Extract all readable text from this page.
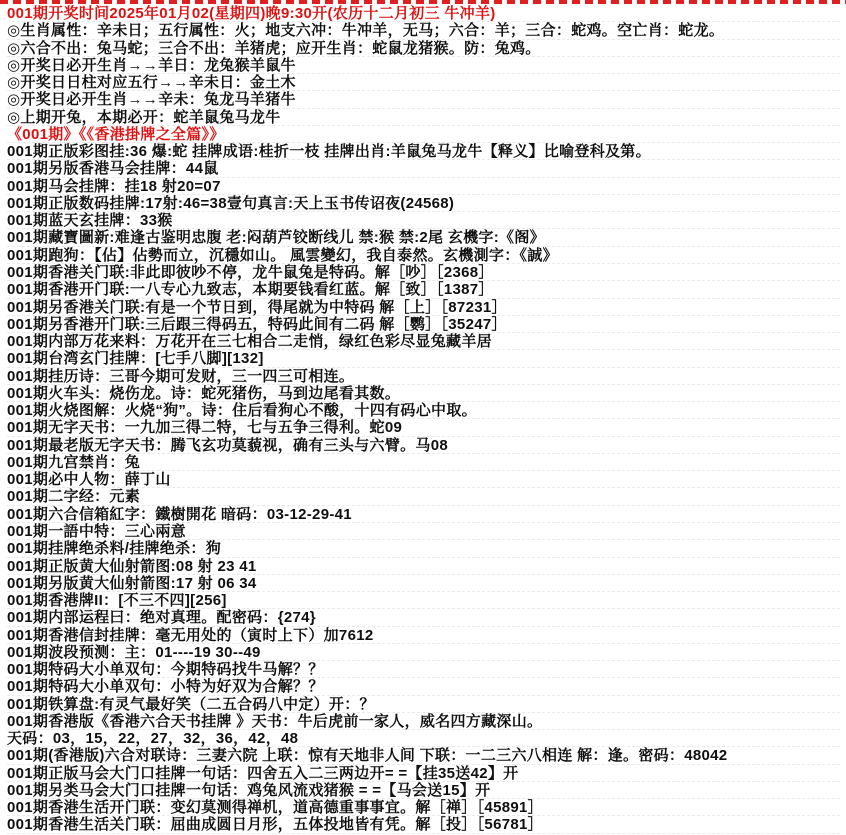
001期开奖时间2025年01月02(星期四)晚9:30开(农历十二月初三 牛冲羊)
◎生肖属性：辛未日；五行属性：火；地支六冲：牛冲羊，无马；六合：羊；三合：蛇鸡。空亡肖：蛇龙。
◎六合不出：兔马蛇；三合不出：羊猪虎；应开生肖：蛇鼠龙猪猴。防：兔鸡。
◎开奖日必开生肖→→羊日：龙兔猴羊鼠牛
◎开奖日日柱对应五行→→辛未日：金土木
◎开奖日必开生肖→→辛未：兔龙马羊猪牛
◎上期开兔，本期必开：蛇羊鼠兔马龙牛
《001期》《《香港掛牌之全篇》》
001期正版彩图挂:36 爆:蛇 挂牌成语:桂折一枝 挂牌出肖:羊鼠兔马龙牛【释义】比喻登科及第。
001期另版香港马会挂牌：44鼠
001期马会挂牌：挂18 射20=07
001期正版数码挂牌:17射:46=38壹句真言:天上玉书传诏夜(24568)
001期蓝天玄挂牌：33猴
001期藏寶圖新:难逢古鉴明忠腹 老:闷葫芦铰断线儿 禁:猴 禁:2尾 玄機字:《阁》
001期跑狗：【佔】佔勢而立，沉穩如山。 風雲變幻，我自泰然。玄機測字：《誠》
001期香港关门联:非此即彼吵不停，龙牛鼠兔是特码。解［吵］［2368］
001期香港开门联:一八专心九致志，本期要钱看红蓝。解［致］［1387］
001期另香港关门联:有是一个节日到，得尾就为中特码 解［上］［87231］
001期另香港开门联:三后跟三得码五，特码此间有二码 解［鹦］［35247］
001期内部万花来料：万花开在三七相合二走悄，绿红色彩尽显兔藏羊居
001期台湾玄门挂牌：[七手八脚][132]
001期挂历诗：三哥今期可发财，三一四三可相连。
001期火车头：烧伤龙。诗：蛇死猪伤，马到边尾看其数。
001期火烧图解：火烧“狗”。诗：住后看狗心不酸，十四有码心中取。
001期无字天书：一九加三得二特，七与五争三得利。蛇09
001期最老版无字天书：腾飞玄功莫藐视，确有三头与六臂。马08
001期九宫禁肖：兔
001期必中人物：薛丁山
001期二字经：元素
001期六合信箱紅字：鐵樹開花 暗码：03-12-29-41
001期一語中特：三心兩意
001期挂牌绝杀料/挂牌绝杀：狗
001期正版黄大仙射箭图:08 射 23 41
001期另版黄大仙射箭图:17 射 06 34
001期香港牌II：[不三不四][256]
001期内部运程曰：绝对真理。配密码：{274}
001期香港信封挂牌：毫无用处的（寅时上下）加7612
001期波段预测：主：01----19 30--49
001期特码大小单双句：今期特码找牛马解？？
001期特码大小单双句：小特为好双为合解？？
001期铁算盘:有灵气最好笑（二五合码八中定）开：？
001期香港版《香港六合天书挂牌 》天书：牛后虎前一家人，威名四方藏深山。
天码：03，15，22，27，32，36，42，48
001期(香港版)六合对联诗：三妻六院 上联：惊有天地非人间 下联：一二三六八相连 解：逢。密码：48042
001期正版马会大门口挂牌一句话：四舍五入二三两边开= =【挂35送42】开
001期另类马会大门口挂牌一句话：鸡兔风流戏猪猴 = =【马会送15】开
001期香港生活开门联：变幻莫测得禅机，道高德重事事宜。解［禅］［45891］
001期香港生活关门联：屈曲成圆日月形，五体投地皆有凭。解［投］［56781］
